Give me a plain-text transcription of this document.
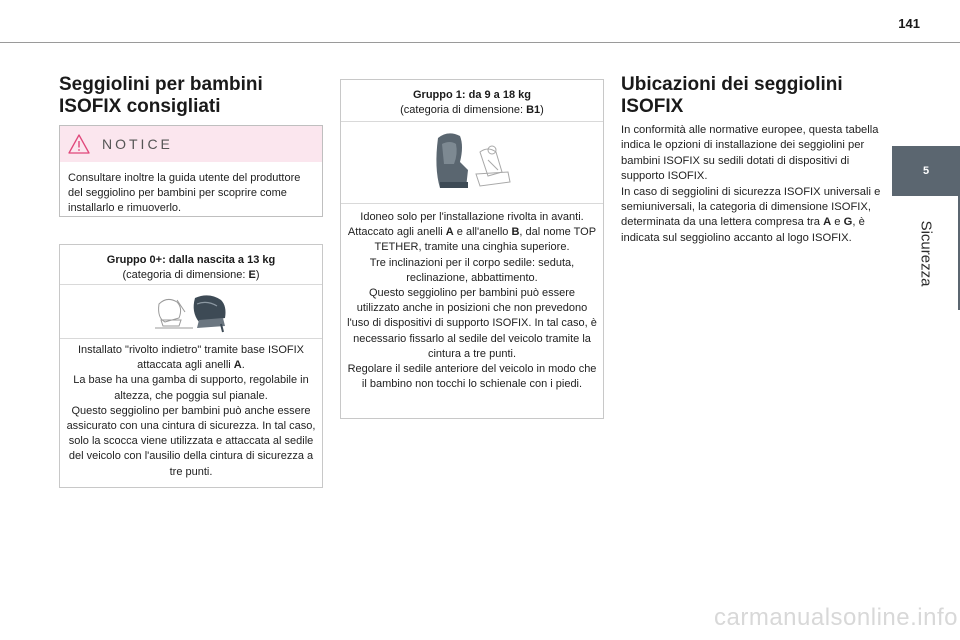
141
5
Sicurezza
Seggiolini per bambini
ISOFIX consigliati
NOTICE
Consultare inoltre la guida utente del produttore del seggiolino per bambini per scoprire come installarlo e rimuoverlo.
Gruppo 0+: dalla nascita a 13 kg
(categoria di dimensione: E)

Installato "rivolto indietro" tramite base ISOFIX attaccata agli anelli A.

La base ha una gamba di supporto, regolabile in altezza, che poggia sul pianale.

Questo seggiolino per bambini può anche essere assicurato con una cintura di sicurezza. In tal caso, solo la scocca viene utilizzata e attaccata al sedile del veicolo con l'ausilio della cintura di sicurezza a tre punti.

Gruppo 1: da 9 a 18 kg
(categoria di dimensione: B1)

Idoneo solo per l'installazione rivolta in avanti.

Attaccato agli anelli A e all'anello B, dal nome TOP TETHER, tramite una cinghia superiore.

Tre inclinazioni per il corpo sedile: seduta, reclinazione, abbattimento.

Questo seggiolino per bambini può essere utilizzato anche in posizioni che non prevedono l'uso di dispositivi di supporto ISOFIX. In tal caso, è necessario fissarlo al sedile del veicolo tramite la cintura a tre punti.

Regolare il sedile anteriore del veicolo in modo che il bambino non tocchi lo schienale con i piedi.

Ubicazioni dei seggiolini
ISOFIX

In conformità alle normative europee, questa tabella indica le opzioni di installazione dei seggiolini per bambini ISOFIX su sedili dotati di dispositivi di supporto ISOFIX.

In caso di seggiolini di sicurezza ISOFIX universali e semiuniversali, la categoria di dimensione ISOFIX, determinata da una lettera compresa tra A e G, è indicata sul seggiolino accanto al logo ISOFIX.

carmanualsonline.info
